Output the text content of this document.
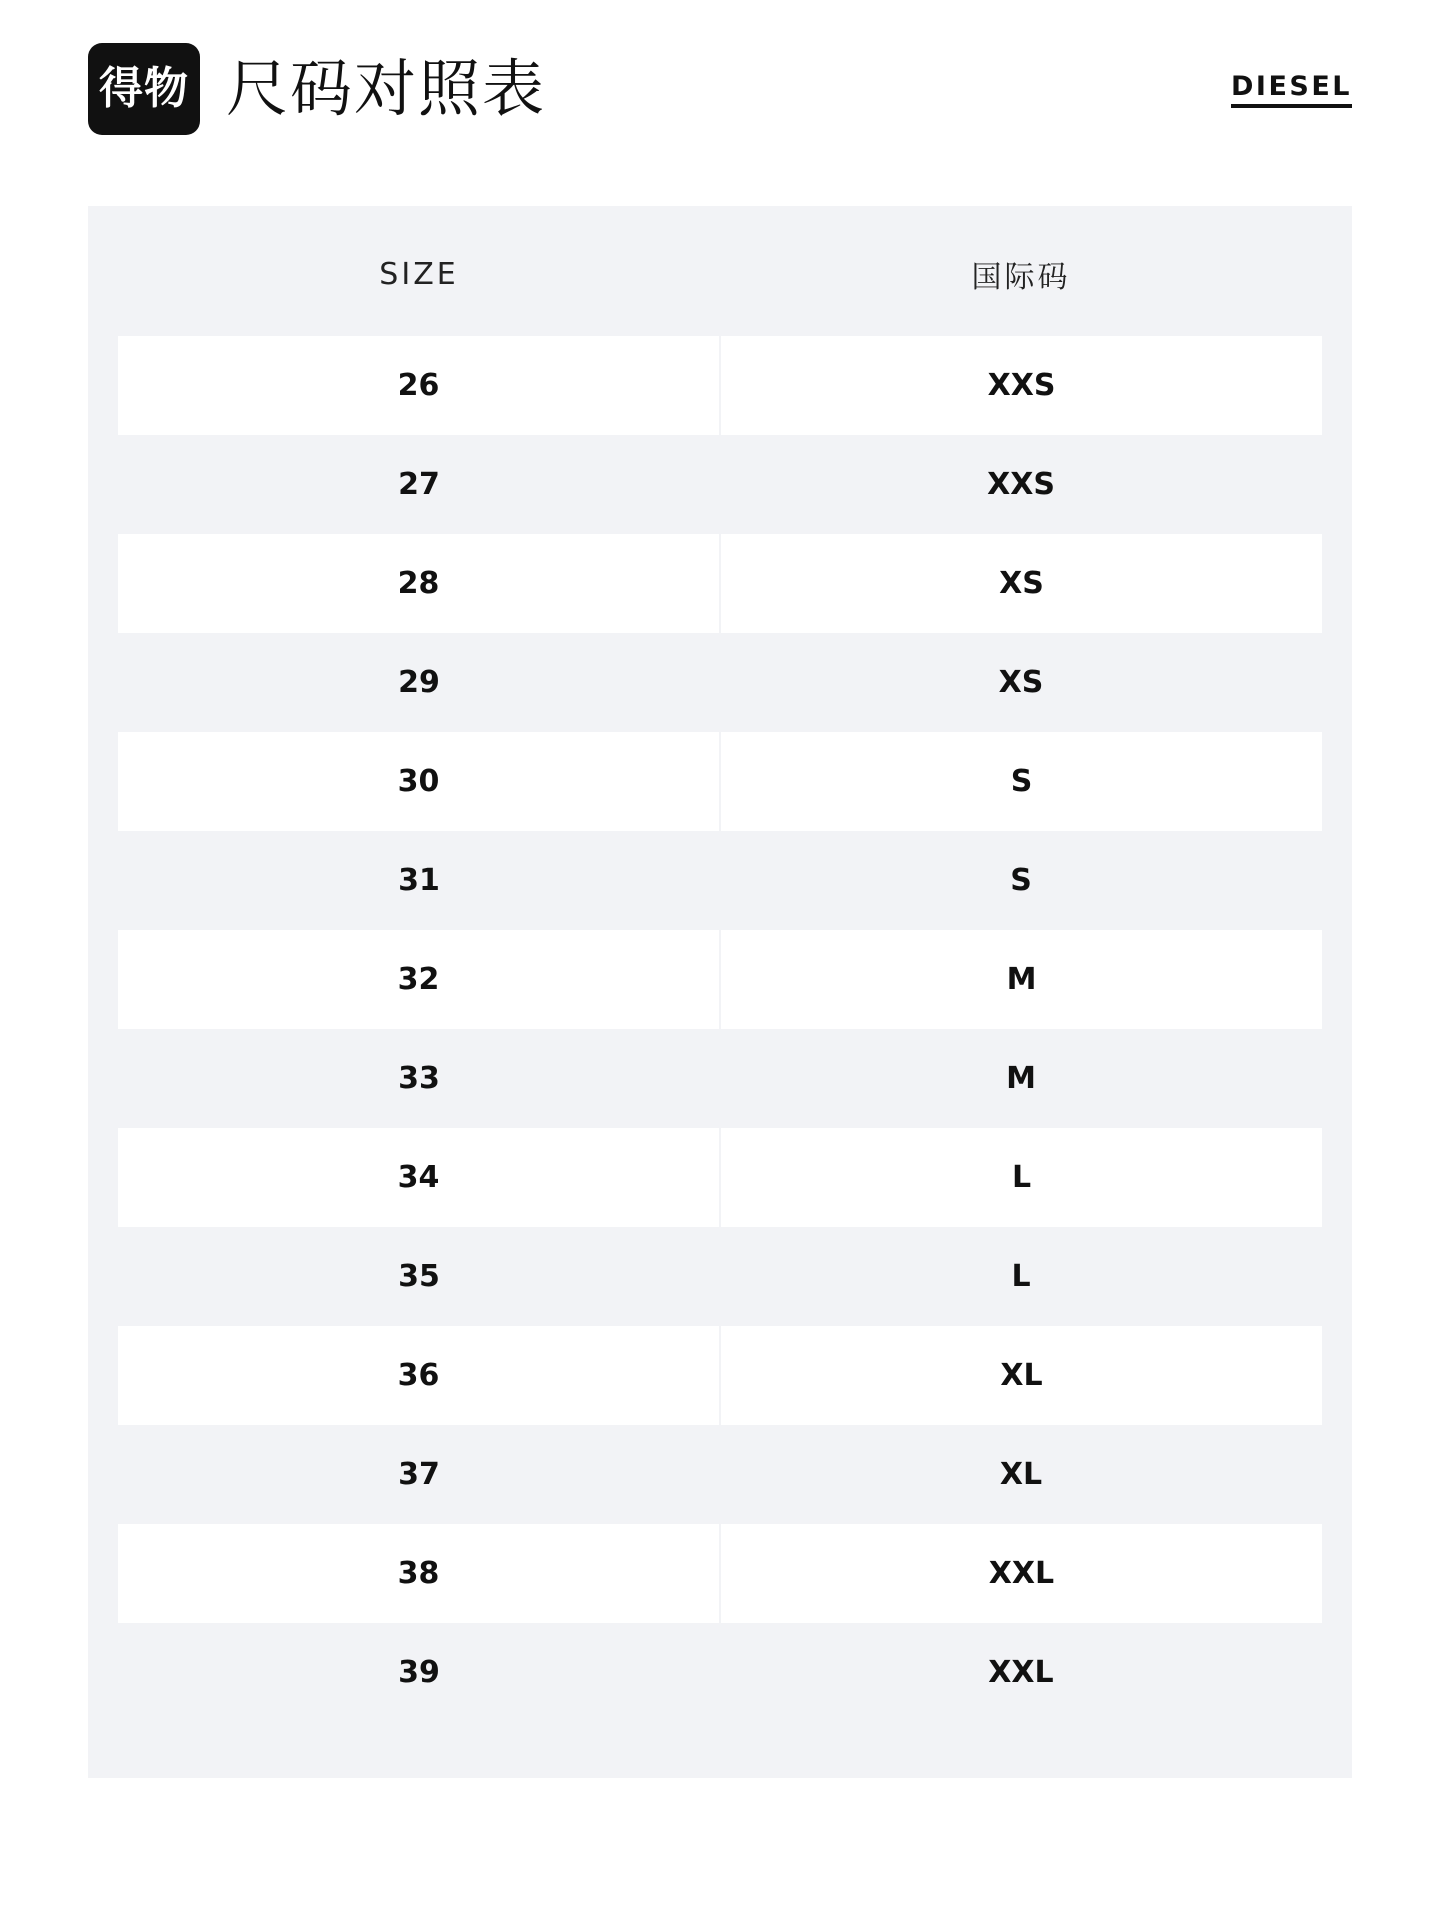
得物 尺码对照表	DIESEL
SIZE	国际码
26	XXS
27	XXS
28	XS
29	XS
30	S
31	S
32	M
33	M
34	L
35	L
36	XL
37	XL
38	XXL
39	XXL
